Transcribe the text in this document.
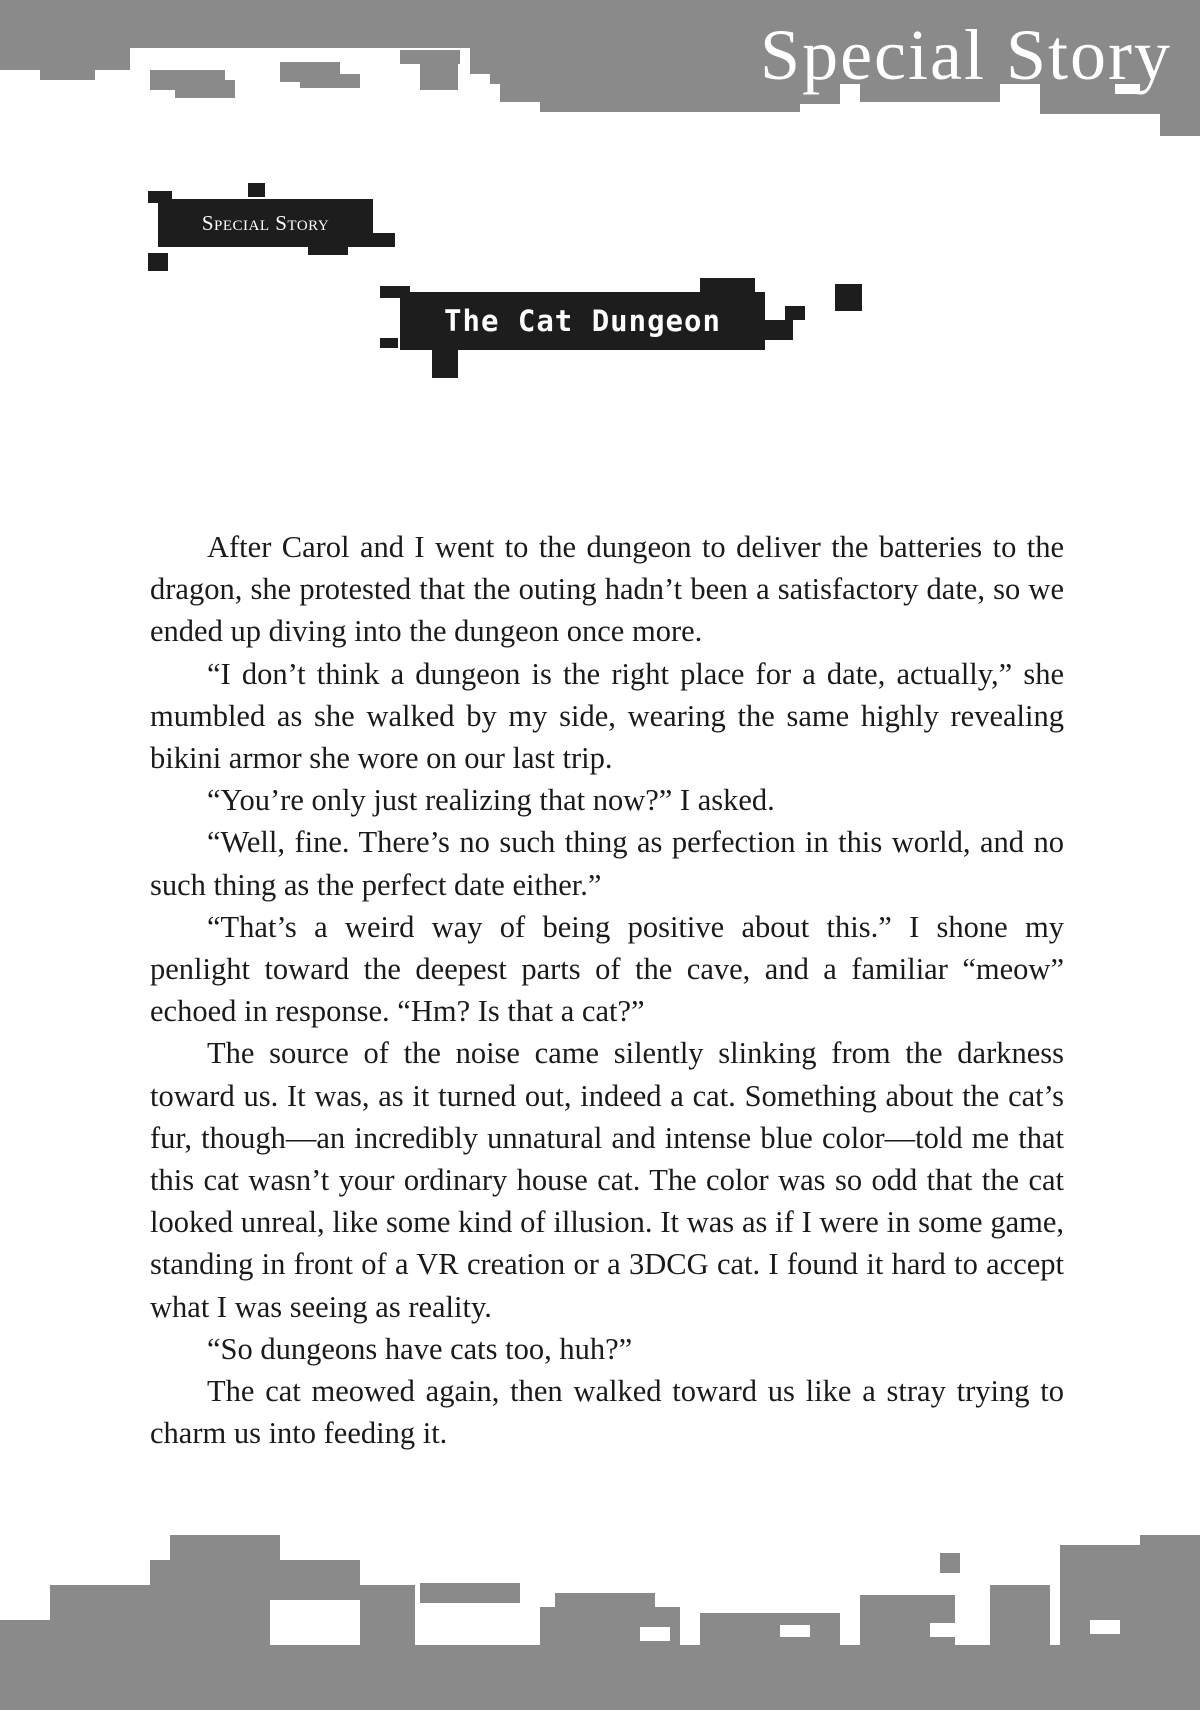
Special Story
Special Story
The Cat Dungeon

After Carol and I went to the dungeon to deliver the batteries to the dragon, she protested that the outing hadn’t been a satisfactory date, so we ended up diving into the dungeon once more.

“I don’t think a dungeon is the right place for a date, actually,” she mumbled as she walked by my side, wearing the same highly revealing bikini armor she wore on our last trip.

“You’re only just realizing that now?” I asked.

“Well, fine. There’s no such thing as perfection in this world, and no such thing as the perfect date either.”

“That’s a weird way of being positive about this.” I shone my penlight toward the deepest parts of the cave, and a familiar “meow” echoed in response. “Hm? Is that a cat?”

The source of the noise came silently slinking from the darkness toward us. It was, as it turned out, indeed a cat. Something about the cat’s fur, though—an incredibly unnatural and intense blue color—told me that this cat wasn’t your ordinary house cat. The color was so odd that the cat looked unreal, like some kind of illusion. It was as if I were in some game, standing in front of a VR creation or a 3DCG cat. I found it hard to accept what I was seeing as reality.

“So dungeons have cats too, huh?”

The cat meowed again, then walked toward us like a stray trying to charm us into feeding it.
